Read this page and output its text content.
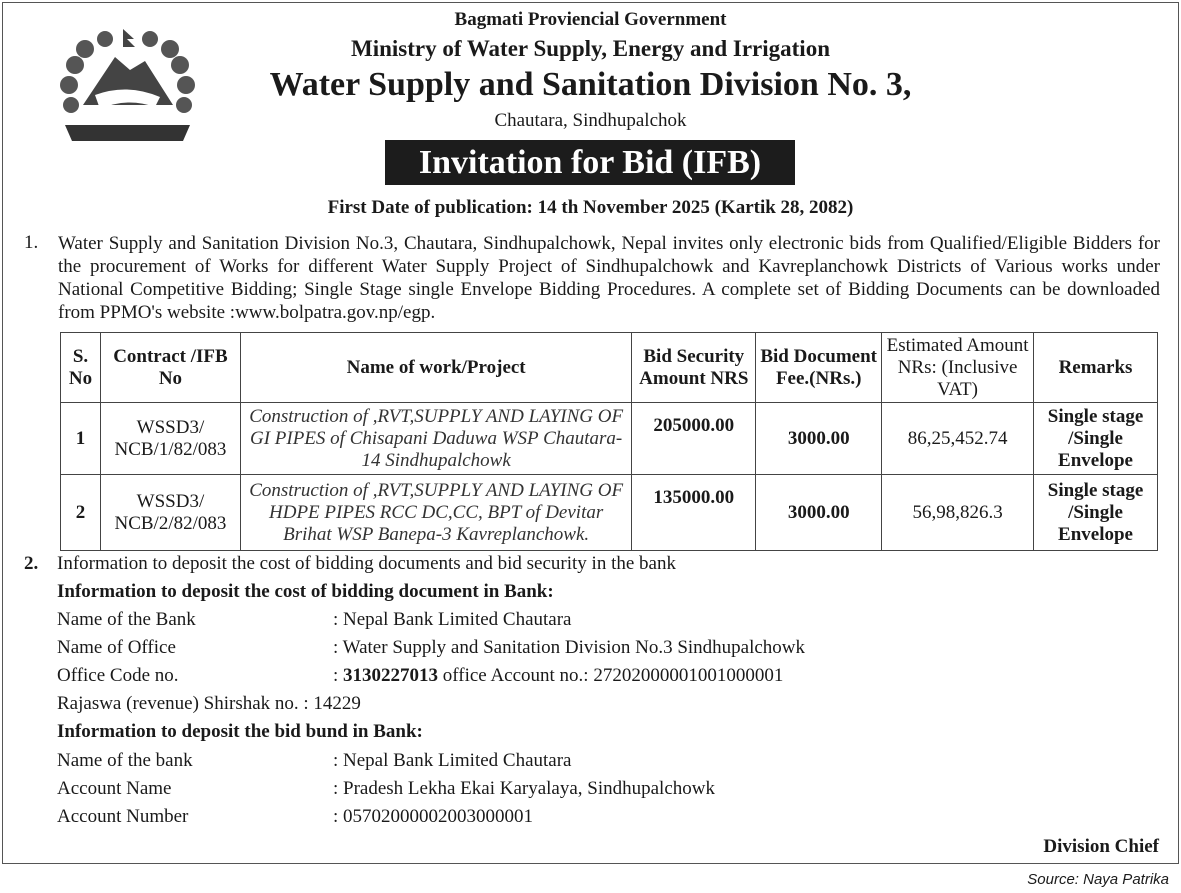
Bagmati Proviencial Government
Ministry of Water Supply, Energy and Irrigation
Water Supply and Sanitation Division No. 3,
Chautara, Sindhupalchok
Invitation for Bid (IFB)
First Date of publication: 14 th November 2025 (Kartik 28, 2082)
1. Water Supply and Sanitation Division No.3, Chautara, Sindhupalchowk, Nepal invites only electronic bids from Qualified/Eligible Bidders for the procurement of Works for different Water Supply Project of Sindhupalchowk and Kavreplanchowk Districts of Various works under National Competitive Bidding; Single Stage single Envelope Bidding Procedures. A complete set of Bidding Documents can be downloaded from PPMO's website :www.bolpatra.gov.np/egp.
S. No	Contract /IFB No	Name of work/Project	Bid Security Amount NRS	Bid Document Fee.(NRs.)	Estimated Amount NRs: (Inclusive VAT)	Remarks
1	WSSD3/ NCB/1/82/083	Construction of ,RVT,SUPPLY AND LAYING OF GI PIPES of Chisapani Daduwa WSP Chautara-14 Sindhupalchowk	205000.00	3000.00	86,25,452.74	Single stage /Single Envelope
2	WSSD3/ NCB/2/82/083	Construction of ,RVT,SUPPLY AND LAYING OF HDPE PIPES RCC DC,CC, BPT of Devitar Brihat WSP Banepa-3 Kavreplanchowk.	135000.00	3000.00	56,98,826.3	Single stage /Single Envelope
2. Information to deposit the cost of bidding documents and bid security in the bank
Information to deposit the cost of bidding document in Bank:
Name of the Bank	: Nepal Bank Limited Chautara
Name of Office	: Water Supply and Sanitation Division No.3 Sindhupalchowk
Office Code no.	: 3130227013 office Account no.: 27202000001001000001
Rajaswa (revenue) Shirshak no. : 14229
Information to deposit the bid bund in Bank:
Name of the bank	: Nepal Bank Limited Chautara
Account Name	: Pradesh Lekha Ekai Karyalaya, Sindhupalchowk
Account Number	: 05702000002003000001
Division Chief
Source: Naya Patrika
